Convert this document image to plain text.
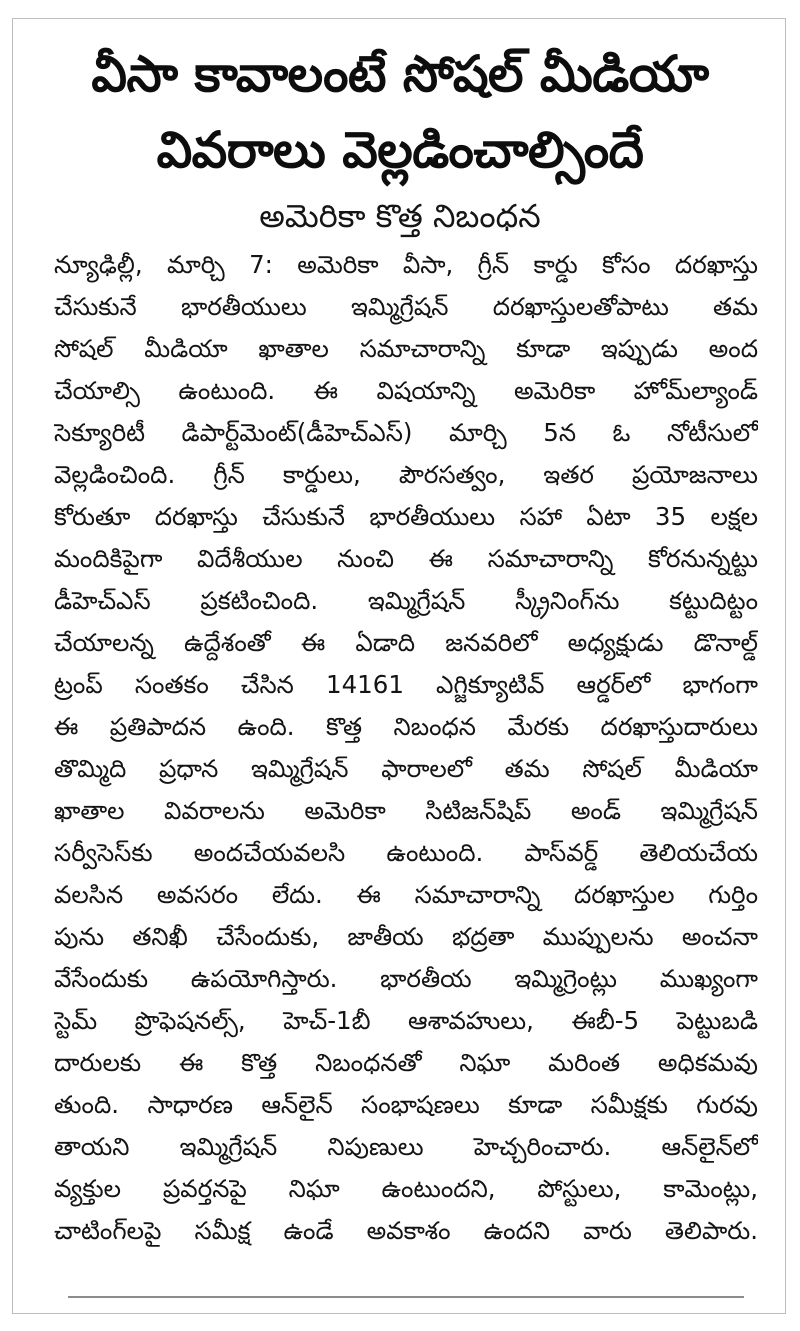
వీసా కావాలంటే సోషల్ మీడియా
వివరాలు వెల్లడించాల్సిందే
అమెరికా కొత్త నిబంధన
న్యూఢిల్లీ, మార్చి 7: అమెరికా వీసా, గ్రీన్ కార్డు కోసం దరఖాస్తు
చేసుకునే భారతీయులు ఇమ్మిగ్రేషన్ దరఖాస్తులతోపాటు తమ
సోషల్ మీడియా ఖాతాల సమాచారాన్ని కూడా ఇప్పుడు అంద
చేయాల్సి ఉంటుంది. ఈ విషయాన్ని అమెరికా హోమ్‌ల్యాండ్
సెక్యూరిటీ డిపార్ట్‌మెంట్(డీహెచ్ఎస్) మార్చి 5న ఓ నోటీసులో
వెల్లడించింది. గ్రీన్ కార్డులు, పౌరసత్వం, ఇతర ప్రయోజనాలు
కోరుతూ దరఖాస్తు చేసుకునే భారతీయులు సహా ఏటా 35 లక్షల
మందికిపైగా విదేశీయుల నుంచి ఈ సమాచారాన్ని కోరనున్నట్టు
డీహెచ్ఎస్ ప్రకటించింది. ఇమ్మిగ్రేషన్ స్క్రీనింగ్‌ను కట్టుదిట్టం
చేయాలన్న ఉద్దేశంతో ఈ ఏడాది జనవరిలో అధ్యక్షుడు డొనాల్డ్
ట్రంప్ సంతకం చేసిన 14161 ఎగ్జిక్యూటివ్ ఆర్డర్‌లో భాగంగా
ఈ ప్రతిపాదన ఉంది. కొత్త నిబంధన మేరకు దరఖాస్తుదారులు
తొమ్మిది ప్రధాన ఇమ్మిగ్రేషన్ ఫారాలలో తమ సోషల్ మీడియా
ఖాతాల వివరాలను అమెరికా సిటిజన్‌షిప్ అండ్ ఇమ్మిగ్రేషన్
సర్వీసెస్‌కు అందచేయవలసి ఉంటుంది. పాస్‌వర్డ్ తెలియచేయ
వలసిన అవసరం లేదు. ఈ సమాచారాన్ని దరఖాస్తుల గుర్తిం
పును తనిఖీ చేసేందుకు, జాతీయ భద్రతా ముప్పులను అంచనా
వేసేందుకు ఉపయోగిస్తారు. భారతీయ ఇమ్మిగ్రెంట్లు ముఖ్యంగా
స్టెమ్ ప్రొఫెషనల్స్, హెచ్-1బీ ఆశావహులు, ఈబీ-5 పెట్టుబడి
దారులకు ఈ కొత్త నిబంధనతో నిఘా మరింత అధికమవు
తుంది. సాధారణ ఆన్‌లైన్ సంభాషణలు కూడా సమీక్షకు గురవు
తాయని ఇమ్మిగ్రేషన్ నిపుణులు హెచ్చరించారు. ఆన్‌లైన్‌లో
వ్యక్తుల ప్రవర్తనపై నిఘా ఉంటుందని, పోస్టులు, కామెంట్లు,
చాటింగ్‌లపై సమీక్ష ఉండే అవకాశం ఉందని వారు తెలిపారు.
